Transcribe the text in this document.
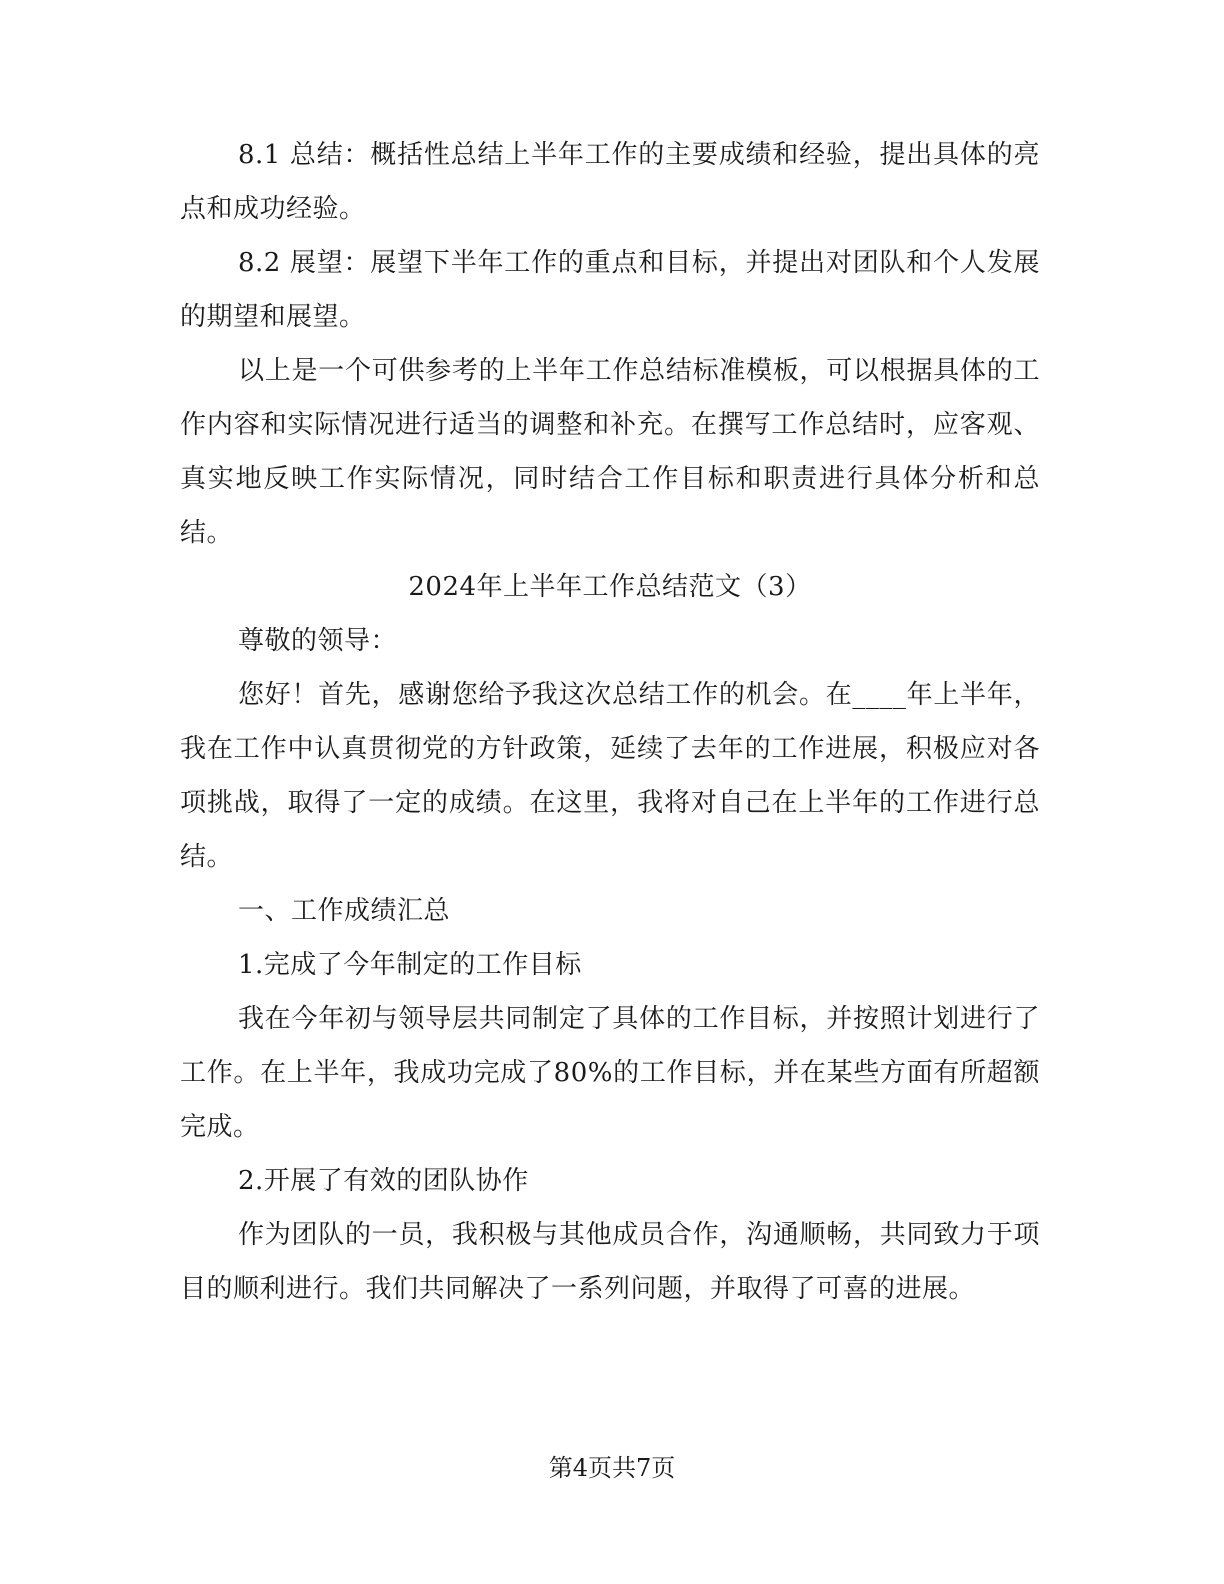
8.1 总结：概括性总结上半年工作的主要成绩和经验，提出具体的亮点和成功经验。

8.2 展望：展望下半年工作的重点和目标，并提出对团队和个人发展的期望和展望。

以上是一个可供参考的上半年工作总结标准模板，可以根据具体的工作内容和实际情况进行适当的调整和补充。在撰写工作总结时，应客观、真实地反映工作实际情况，同时结合工作目标和职责进行具体分析和总结。

2024年上半年工作总结范文（3）

尊敬的领导：

您好！首先，感谢您给予我这次总结工作的机会。在____年上半年，我在工作中认真贯彻党的方针政策，延续了去年的工作进展，积极应对各项挑战，取得了一定的成绩。在这里，我将对自己在上半年的工作进行总结。

一、工作成绩汇总

1.完成了今年制定的工作目标

我在今年初与领导层共同制定了具体的工作目标，并按照计划进行了工作。在上半年，我成功完成了80%的工作目标，并在某些方面有所超额完成。

2.开展了有效的团队协作

作为团队的一员，我积极与其他成员合作，沟通顺畅，共同致力于项目的顺利进行。我们共同解决了一系列问题，并取得了可喜的进展。

第4页共7页
